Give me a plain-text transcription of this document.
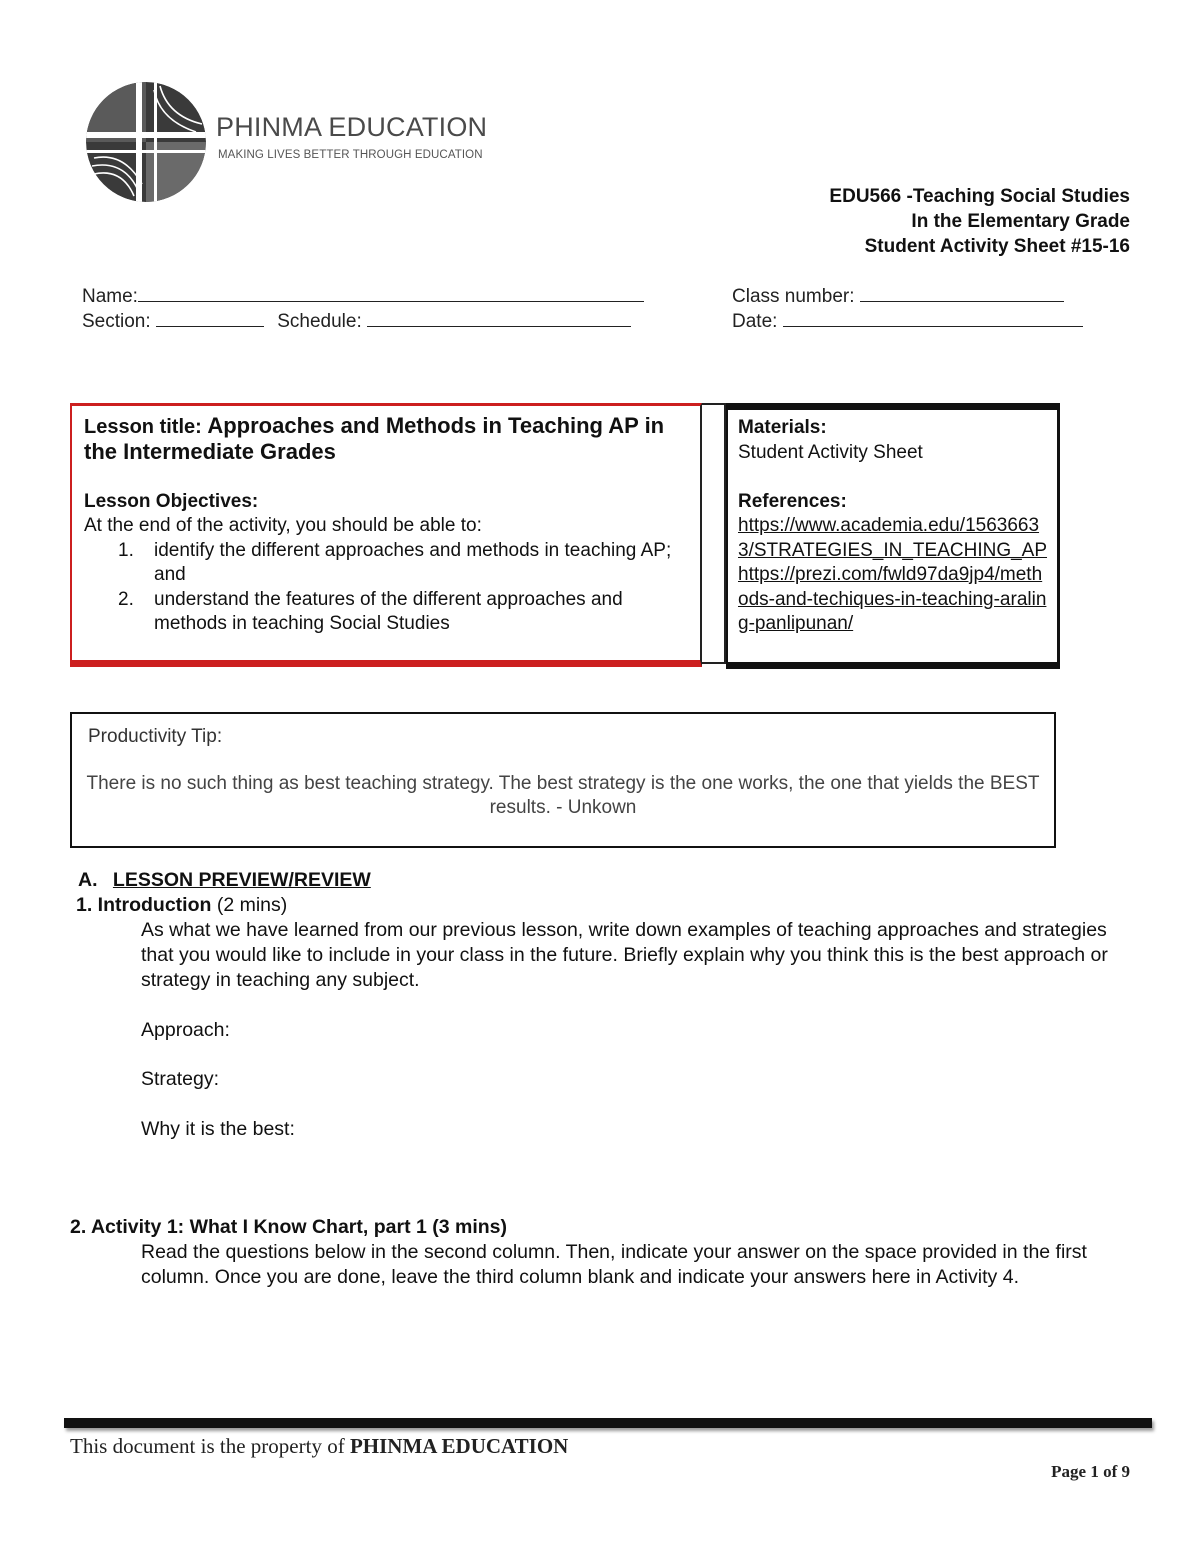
PHINMA EDUCATION
MAKING LIVES BETTER THROUGH EDUCATION
EDU566 -Teaching Social Studies
In the Elementary Grade
Student Activity Sheet #15-16
Name:	Class number:
Section:	Schedule:	Date:
Lesson title: Approaches and Methods in Teaching AP in the Intermediate Grades
Lesson Objectives:
At the end of the activity, you should be able to:
1.	identify the different approaches and methods in teaching AP; and
2.	understand the features of the different approaches and methods in teaching Social Studies
Materials:
Student Activity Sheet
References:
https://www.academia.edu/15636633/STRATEGIES_IN_TEACHING_AP
https://prezi.com/fwld97da9jp4/methods-and-techiques-in-teaching-araling-panlipunan/
Productivity Tip:
There is no such thing as best teaching strategy. The best strategy is the one works, the one that yields the BEST results. - Unkown
A. LESSON PREVIEW/REVIEW
1. Introduction (2 mins)
As what we have learned from our previous lesson, write down examples of teaching approaches and strategies that you would like to include in your class in the future. Briefly explain why you think this is the best approach or strategy in teaching any subject.
Approach:
Strategy:
Why it is the best:
2. Activity 1: What I Know Chart, part 1 (3 mins)
Read the questions below in the second column. Then, indicate your answer on the space provided in the first column. Once you are done, leave the third column blank and indicate your answers here in Activity 4.
This document is the property of PHINMA EDUCATION
Page 1 of 9
